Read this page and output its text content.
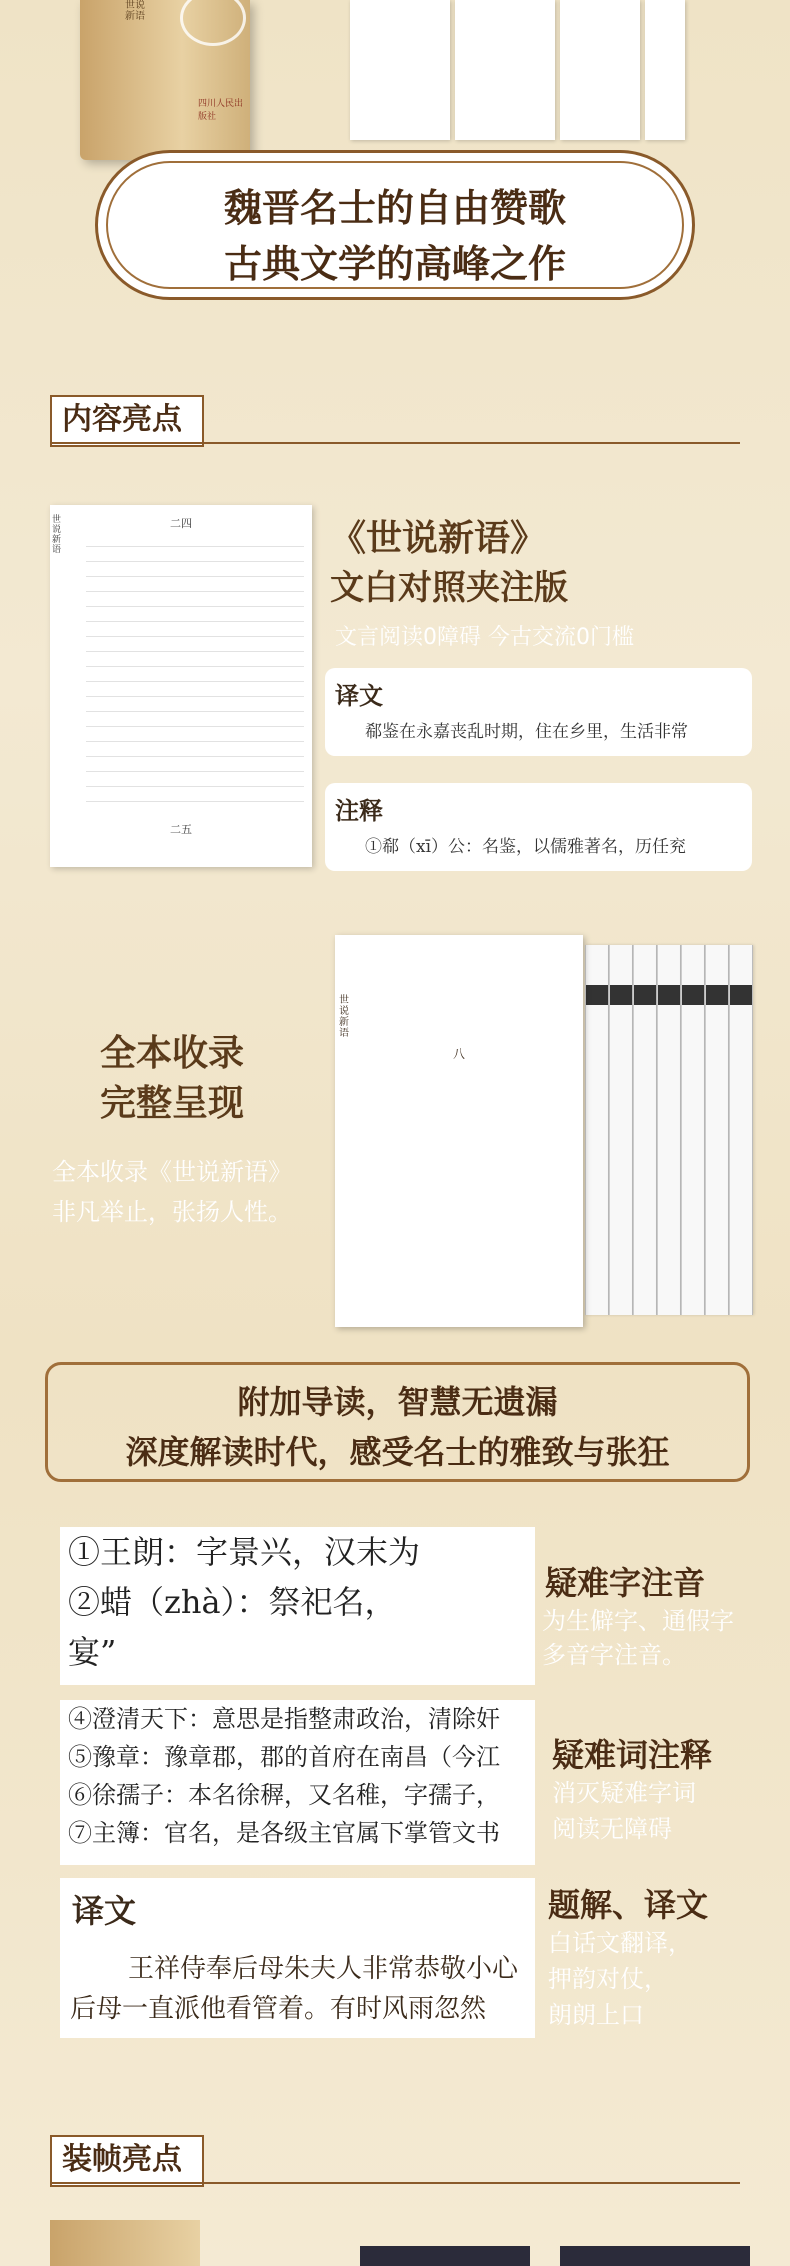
世说新语
四川人民出版社
魏晋名士的自由赞歌
古典文学的高峰之作
内容亮点
世说新语
二四
二五
《世说新语》
文白对照夹注版
文言阅读0障碍 今古交流0门槛
译文
郗鉴在永嘉丧乱时期，住在乡里，生活非常
注释
①郗（xī）公：名鉴，以儒雅著名，历任兖
全本收录
完整呈现
全本收录《世说新语》
非凡举止，张扬人性。
世说新语
八
附加导读，智慧无遗漏
深度解读时代，感受名士的雅致与张狂
①王朗：字景兴，汉末为
②蜡（zhà）：祭祀名，
宴”
疑难字注音
为生僻字、通假字
多音字注音。
④澄清天下：意思是指整肃政治，清除奸
⑤豫章：豫章郡，郡的首府在南昌（今江
⑥徐孺子：本名徐稺，又名稚，字孺子，
⑦主簿：官名，是各级主官属下掌管文书
疑难词注释
消灭疑难字词
阅读无障碍
译文
王祥侍奉后母朱夫人非常恭敬小心
后母一直派他看管着。有时风雨忽然
题解、译文
白话文翻译，
押韵对仗，
朗朗上口
装帧亮点
